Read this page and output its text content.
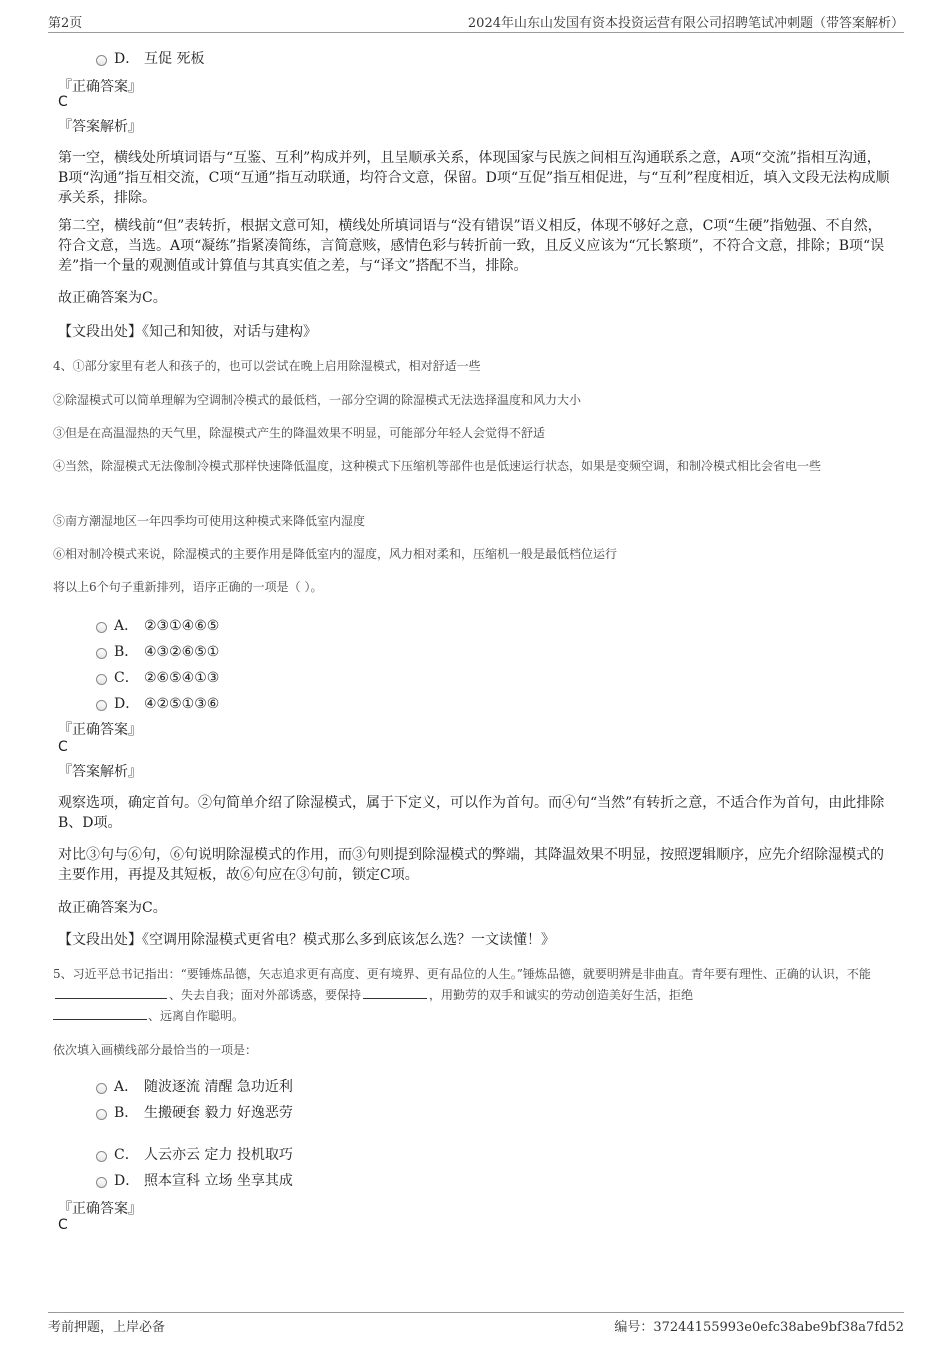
第2页	2024年山东山发国有资本投资运营有限公司招聘笔试冲刺题（带答案解析）
D． 互促 死板
『正确答案』
C
『答案解析』
第一空，横线处所填词语与“互鉴、互利”构成并列，且呈顺承关系，体现国家与民族之间相互沟通联系之意，A项“交流”指相互沟通，B项“沟通”指互相交流，C项“互通”指互动联通，均符合文意，保留。D项“互促”指互相促进，与“互利”程度相近，填入文段无法构成顺承关系，排除。
第二空，横线前“但”表转折，根据文意可知，横线处所填词语与“没有错误”语义相反，体现不够好之意，C项“生硬”指勉强、不自然，符合文意，当选。A项“凝练”指紧凑简练，言简意赅，感情色彩与转折前一致，且反义应该为“冗长繁琐”，不符合文意，排除；B项“误差”指一个量的观测值或计算值与其真实值之差，与“译文”搭配不当，排除。
故正确答案为C。
【文段出处】《知己和知彼，对话与建构》
4、①部分家里有老人和孩子的，也可以尝试在晚上启用除湿模式，相对舒适一些
②除湿模式可以简单理解为空调制冷模式的最低档，一部分空调的除湿模式无法选择温度和风力大小
③但是在高温湿热的天气里，除湿模式产生的降温效果不明显，可能部分年轻人会觉得不舒适
④当然，除湿模式无法像制冷模式那样快速降低温度，这种模式下压缩机等部件也是低速运行状态，如果是变频空调，和制冷模式相比会省电一些
⑤南方潮湿地区一年四季均可使用这种模式来降低室内湿度
⑥相对制冷模式来说，除湿模式的主要作用是降低室内的湿度，风力相对柔和，压缩机一般是最低档位运行
将以上6个句子重新排列，语序正确的一项是（ ）。
A． ②③①④⑥⑤
B． ④③②⑥⑤①
C． ②⑥⑤④①③
D． ④②⑤①③⑥
『正确答案』
C
『答案解析』
观察选项，确定首句。②句简单介绍了除湿模式，属于下定义，可以作为首句。而④句“当然”有转折之意，不适合作为首句，由此排除B、D项。
对比③句与⑥句，⑥句说明除湿模式的作用，而③句则提到除湿模式的弊端，其降温效果不明显，按照逻辑顺序，应先介绍除湿模式的主要作用，再提及其短板，故⑥句应在③句前，锁定C项。
故正确答案为C。
【文段出处】《空调用除湿模式更省电？模式那么多到底该怎么选？一文读懂！》
5、习近平总书记指出：“要锤炼品德，矢志追求更有高度、更有境界、更有品位的人生。”锤炼品德，就要明辨是非曲直。青年要有理性、正确的认识，不能、失去自我；面对外部诱惑，要保持	，用勤劳的双手和诚实的劳动创造美好生活，拒绝
、远离自作聪明。
依次填入画横线部分最恰当的一项是：
A． 随波逐流 清醒 急功近利
B． 生搬硬套 毅力 好逸恶劳
C． 人云亦云 定力 投机取巧
D． 照本宣科 立场 坐享其成
『正确答案』
C
考前押题，上岸必备	编号：37244155993e0efc38abe9bf38a7fd52
